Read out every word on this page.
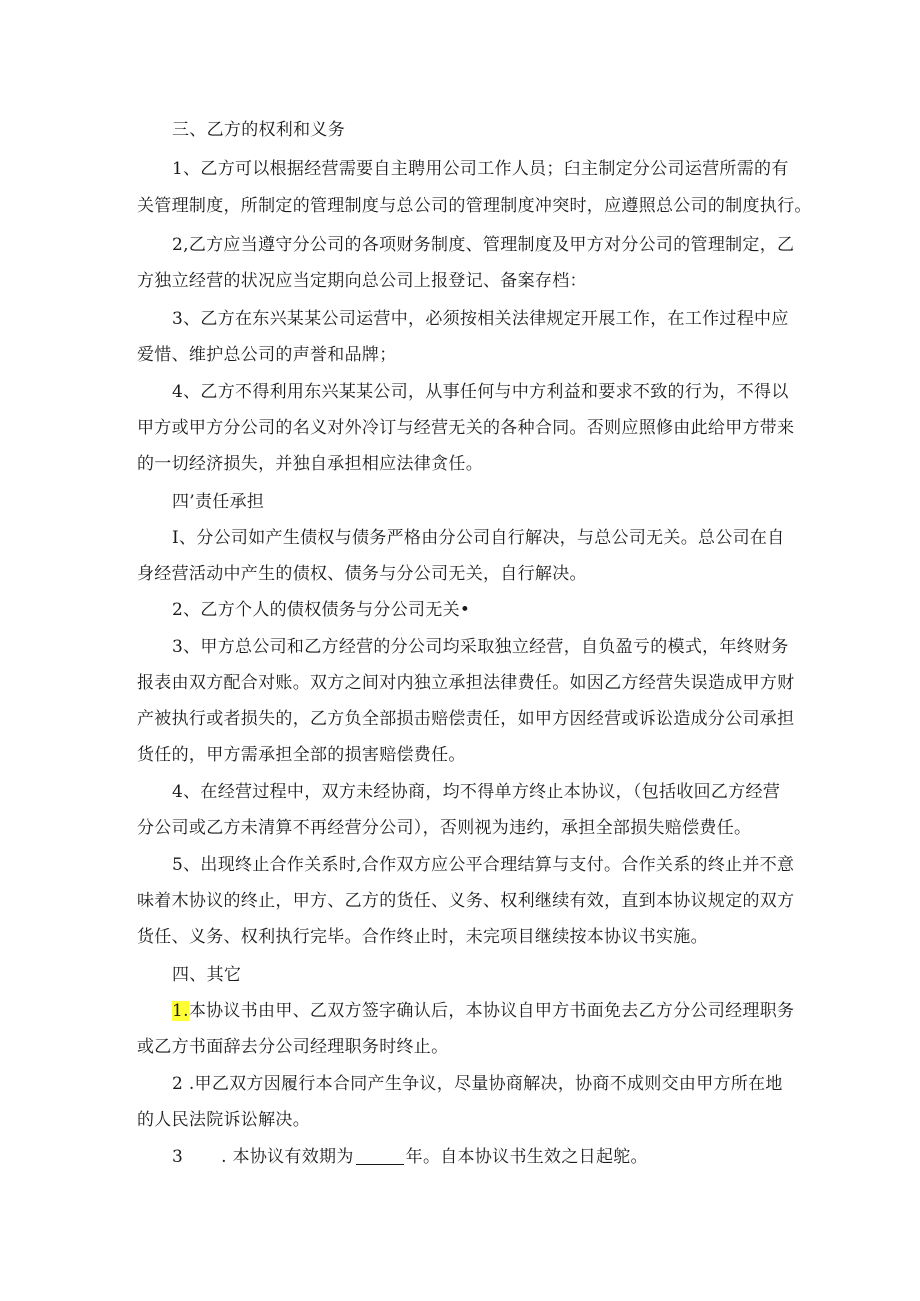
三、乙方的权利和义务
1、乙方可以根据经营需要自主聘用公司工作人员；臼主制定分公司运营所需的有
关管理制度，所制定的管理制度与总公司的管理制度冲突时，应遵照总公司的制度执行。
2,乙方应当遵守分公司的各项财务制度、管理制度及甲方对分公司的管理制定，乙
方独立经营的状况应当定期向总公司上报登记、备案存档：
3、乙方在东兴某某公司运营中，必须按相关法律规定开展工作，在工作过程中应
爱惜、维护总公司的声誉和品牌；
4、乙方不得利用东兴某某公司，从事任何与中方利益和要求不致的行为，不得以
甲方或甲方分公司的名义对外冷订与经营无关的各种合同。否则应照修由此给甲方带来
的一切经济损失，并独自承担相应法律贪任。
四’责任承担
I、分公司如产生债权与债务严格由分公司自行解决，与总公司无关。总公司在自
身经营活动中产生的债权、债务与分公司无关，自行解决。
2、乙方个人的债权债务与分公司无关•
3、甲方总公司和乙方经营的分公司均采取独立经营，自负盈亏的模式，年终财务
报表由双方配合对账。双方之间对内独立承担法律费任。如因乙方经营失误造成甲方财
产被执行或者损失的，乙方负全部损击赔偿责任，如甲方因经营或诉讼造成分公司承担
货任的，甲方需承担全部的损害赔偿费任。
4、在经营过程中，双方未经协商，均不得单方终止本协议，（包括收回乙方经营
分公司或乙方未清算不再经营分公司），否则视为违约，承担全部损失赔偿费任。
5、出现终止合作关系时,合作双方应公平合理结算与支付。合作关系的终止并不意
味着木协议的终止，甲方、乙方的货任、义务、权利继续有效，直到本协议规定的双方
货任、义务、权利执行完毕。合作终止时，未完项目继续按本协议书实施。
四、其它
1.本协议书由甲、乙双方签字确认后，本协议自甲方书面免去乙方分公司经理职务
或乙方书面辞去分公司经理职务时终止。
2 .甲乙双方因履行本合同产生争议，尽量协商解决，协商不成则交由甲方所在地
的人民法院诉讼解决。
3 . 本协议有效期为	年。自本协议书生效之日起鸵。
